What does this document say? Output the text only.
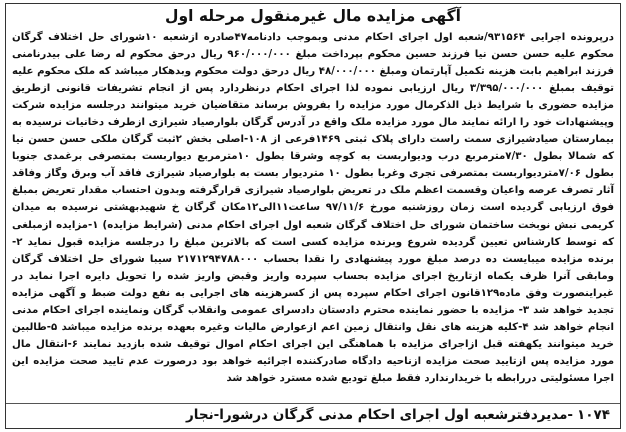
آگهی مزایده مال غیرمنقول مرحله اول

درپرونده اجرایی ۹۳۱۵۶۴/شعبه اول اجرای احکام مدنی وبموجب دادنامه۴۷صادره ازشعبه ۱۰شورای حل اختلاف گرگان محکوم علیه حسن حسن نیا فرزند حسین محکوم بپرداخت مبلغ ۹۶۰/۰۰۰/۰۰۰ ریال درحق محکوم له رضا علی بیدرنامنی فرزند ابراهیم بابت هزینه تکمیل آپارتمان ومبلغ ۴۸/۰۰۰/۰۰۰ ریال درحق دولت محکوم وبدهکار میباشد که ملک محکوم علیه توقیف بمبلغ ۳/۳۹۵/۰۰۰/۰۰۰ ریال ارزیابی نموده لذا اجرای احکام درنظردارد پس از انجام تشریفات قانونی ازطریق مزایده حضوری با شرایط ذیل الذکرمال مورد مزایده را بفروش برساند متقاضیان خرید میتوانند درجلسه مزایده شرکت وپیشنهادات خود را ارائه نمایند مال مورد مزایده ملک واقع در آدرس گرگان بلوارصیاد شیرازی ازطرف دخانیات نرسیده به بیمارستان صیادشیرازی سمت راست دارای پلاک ثبتی ۱۴۶۹فرعی از ۱۰۸-اصلی بخش ۲ثبت گرگان ملکی حسن حسن نیا که شمالا بطول ۷/۳۰مترمربع درب ودیواربست به کوچه وشرقا بطول ۱۰مترمربع دیواربست بمتصرفی برغمدی جنوبا بطول ۷/۰۶متردیواربست بمتصرفی تجری وغربا بطول ۱۰ متردیوار بست به بلوارصیاد شیرازی فاقد آب وبرق وگاز وفاقد آثار تصرف عرصه واعیان وقسمت اعظم ملک در تعریض بلوارصیاد شیرازی قرارگرفته وبدون احتساب مقدار تعریض بمبلغ فوق ارزیابی گردیده است زمان روزشنبه مورخ ۹۷/۱۱/۶ ساعت۱۱الی۱۲مکان گرگان خ شهیدبهشتی نرسیده به میدان کریمی نبش نوبخت ساختمان شورای حل اختلاف گرگان شعبه اول اجرای احکام مدنی (شرایط مزایده) ۱-مزایده ازمبلغی که توسط کارشناس تعیین گردیده شروع وبرنده مزایده کسی است که بالاترین مبلغ را درجلسه مزایده قبول نماید ۲- برنده مزایده میبایست ده درصد مبلغ مورد پیشنهادی را نقدا بحساب ۲۱۷۱۲۹۴۷۸۸۰۰۰ سیبا شورای حل اختلاف گرگان ومابقی آنرا ظرف یکماه ازتاریخ اجرای مزایده بحساب سپرده واریز وقبض واریز شده را تحویل دایره اجرا نماید در غیراینصورت وفق ماده۱۲۹قانون اجرای احکام سپرده پس از کسرهزینه های اجرایی به نفع دولت ضبط و آگهی مزایده تجدید خواهد شد ۳- مزایده با حضور نماینده محترم دادستان دادسرای عمومی وانقلاب گرگان ونماینده اجرای احکام مدنی انجام خواهد شد ۴-کلیه هزینه های نقل وانتقال زمین اعم ازعوارض مالیات وغیره بعهده برنده مزایده میباشد ۵-طالبین خرید میتوانند یکهفته قبل ازاجرای مزایده با هماهنگی این اجرای احکام اموال توقیف شده بازدید نمایند ۶-انتقال مال مورد مزایده پس ازتایید صحت مزایده ازناحیه دادگاه صادرکننده اجرائیه خواهد بود درصورت عدم تایید صحت مزایده این اجرا مسئولیتی دررابطه با خریدارندارد فقط مبلغ تودیع شده مسترد خواهد شد

۱۰۷۴-مدیردفترشعبه اول اجرای احکام مدنی گرگان درشورا-نجار
